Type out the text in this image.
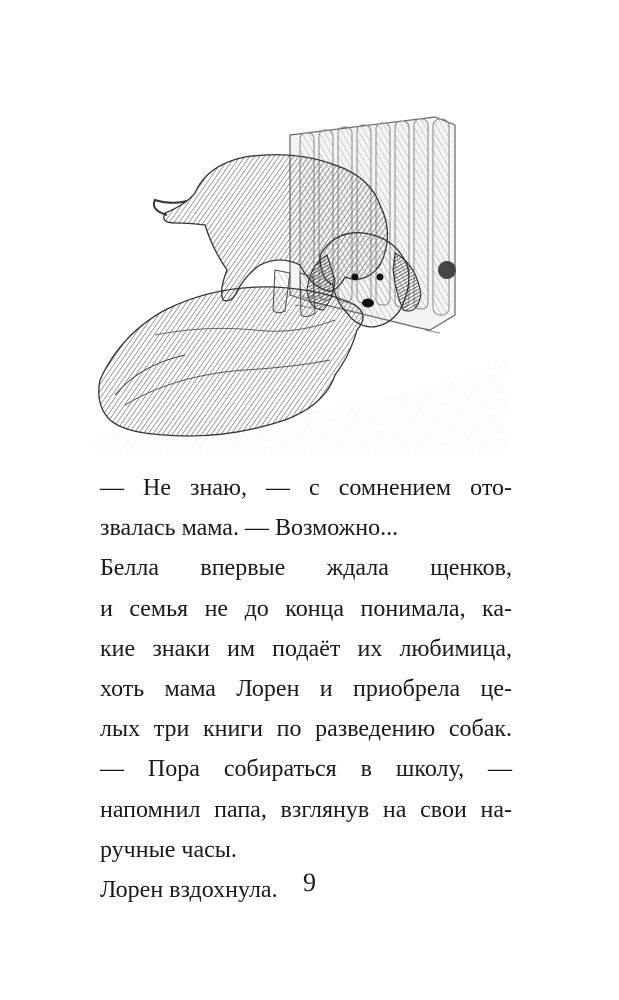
— Не знаю, — с сомнением ото-
звалась мама. — Возможно...
Белла впервые ждала щенков,
и семья не до конца понимала, ка-
кие знаки им подаёт их любимица,
хоть мама Лорен и приобрела це-
лых три книги по разведению собак.
— Пора собираться в школу, —
напомнил папа, взглянув на свои на-
ручные часы.
Лорен вздохнула. 9
